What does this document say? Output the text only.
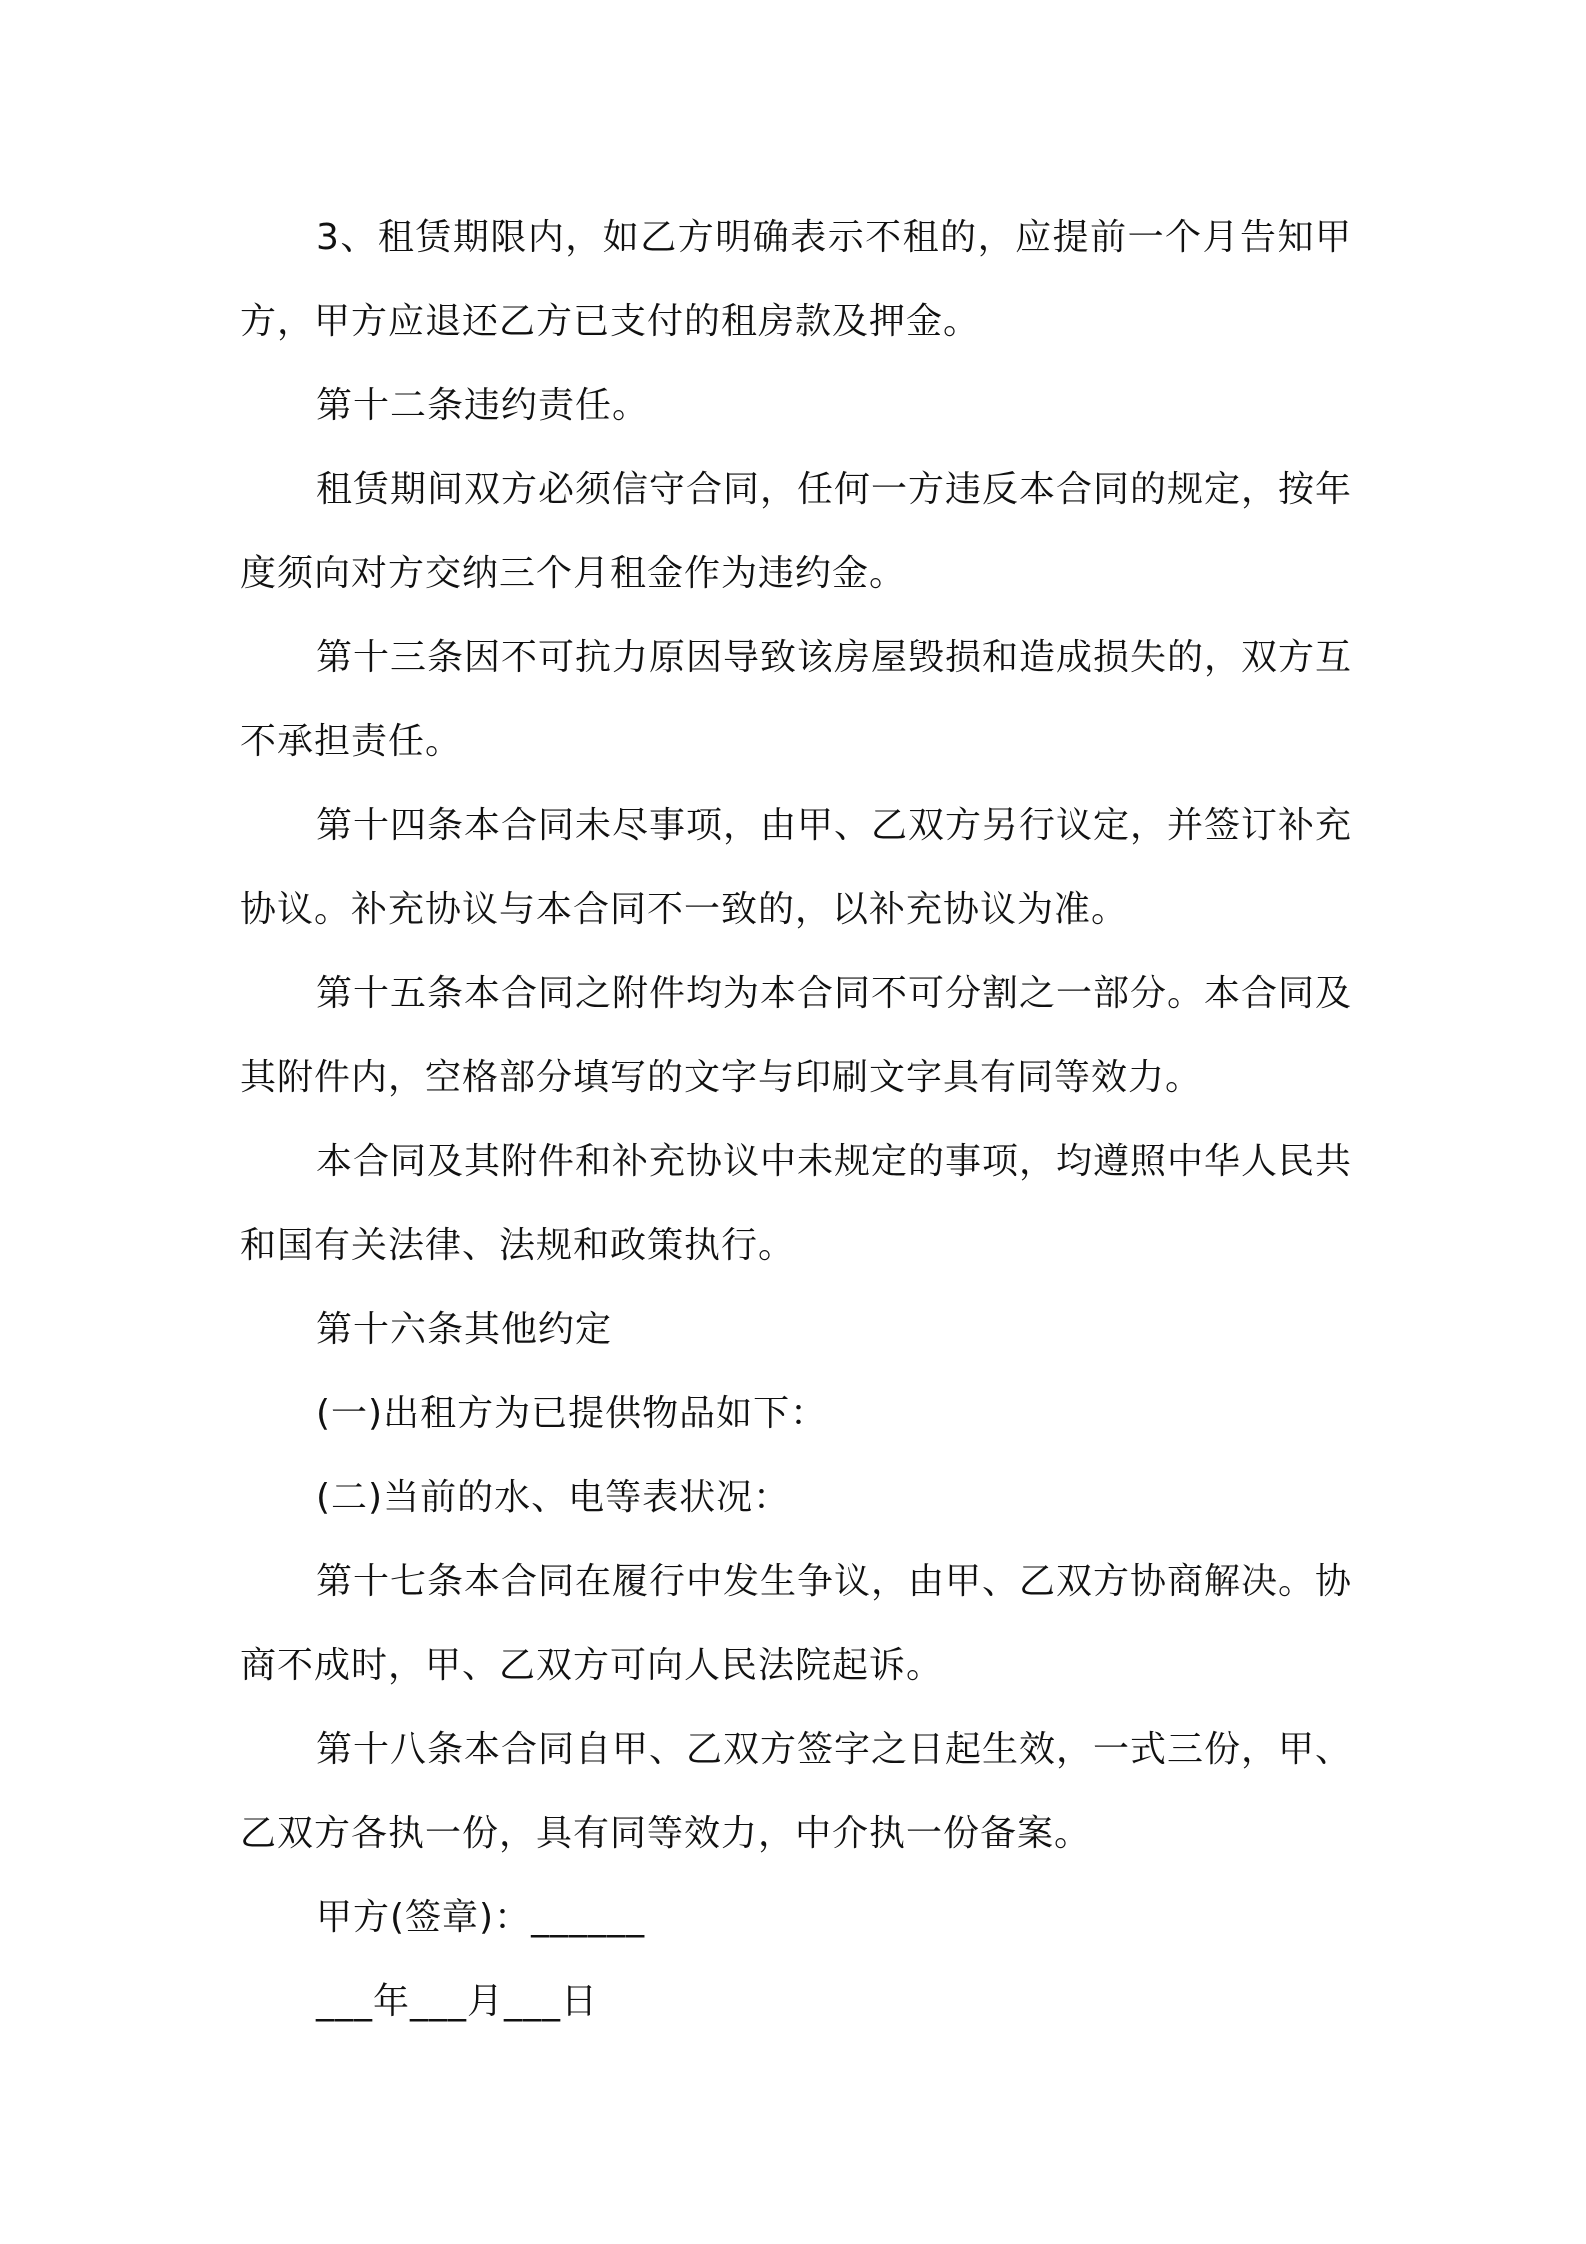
3、租赁期限内，如乙方明确表示不租的，应提前一个月告知甲方，甲方应退还乙方已支付的租房款及押金。

第十二条违约责任。

租赁期间双方必须信守合同，任何一方违反本合同的规定，按年度须向对方交纳三个月租金作为违约金。

第十三条因不可抗力原因导致该房屋毁损和造成损失的，双方互不承担责任。

第十四条本合同未尽事项，由甲、乙双方另行议定，并签订补充协议。补充协议与本合同不一致的，以补充协议为准。

第十五条本合同之附件均为本合同不可分割之一部分。本合同及其附件内，空格部分填写的文字与印刷文字具有同等效力。

本合同及其附件和补充协议中未规定的事项，均遵照中华人民共和国有关法律、法规和政策执行。

第十六条其他约定

(一)出租方为已提供物品如下：

(二)当前的水、电等表状况：

第十七条本合同在履行中发生争议，由甲、乙双方协商解决。协商不成时，甲、乙双方可向人民法院起诉。

第十八条本合同自甲、乙双方签字之日起生效，一式三份，甲、乙双方各执一份，具有同等效力，中介执一份备案。

甲方(签章)：______

___年___月___日
